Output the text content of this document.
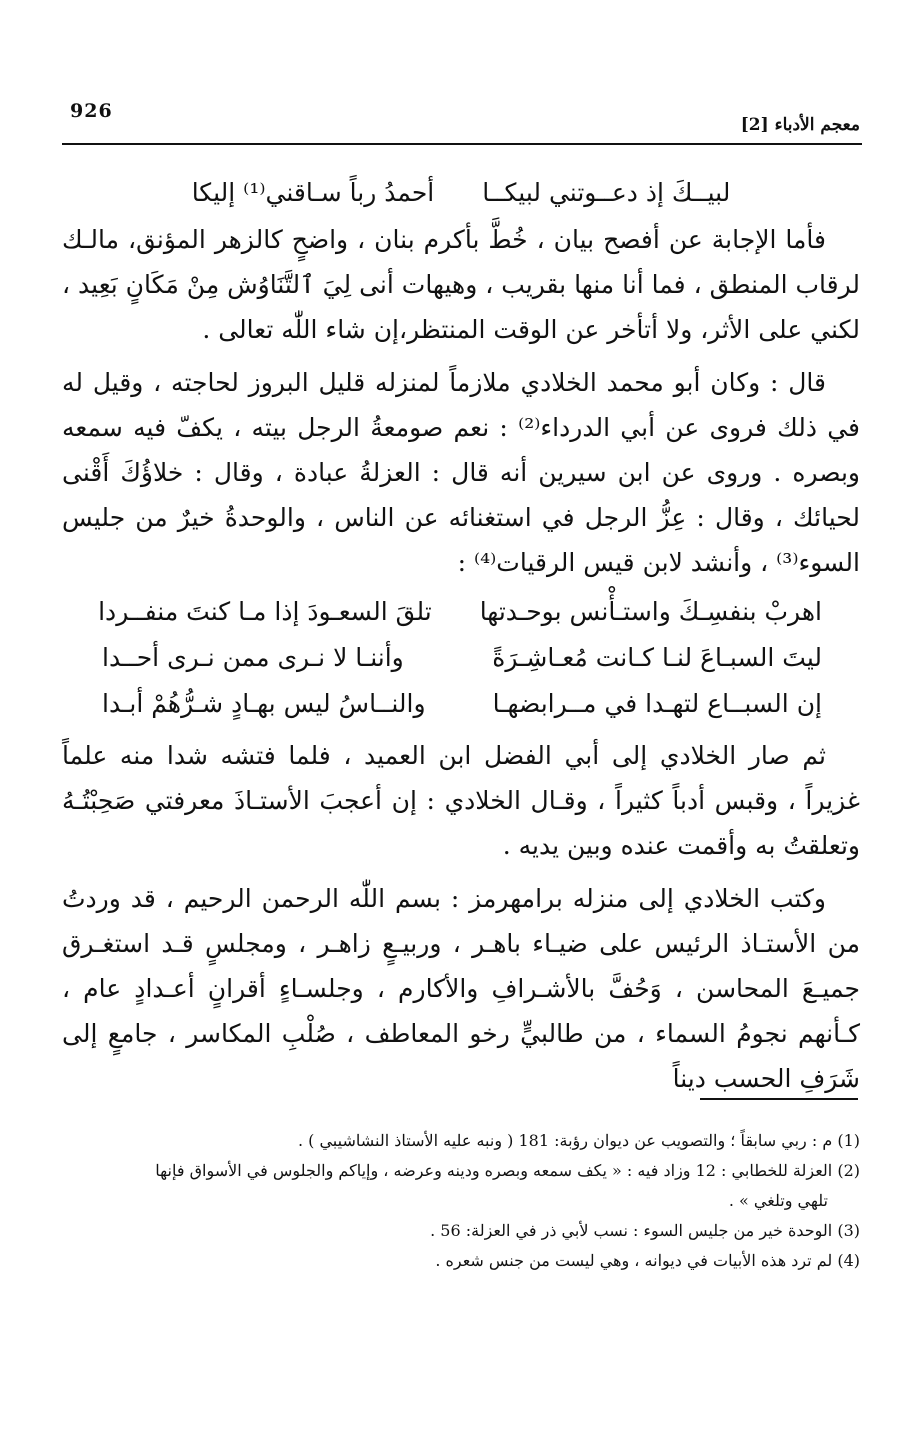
926
معجم الأدباء [2]
لبيــكَ إذ دعــوتني لبيكــا
أحمدُ رباً سـاقني⁽¹⁾ إليكا

فأما الإجابة عن أفصح بيان ، خُطَّ بأكرم بنان ، واضحٍ كالزهر المؤنق، مالـك لرقاب المنطق ، فما أنا منها بقريب ، وهيهات أنى لِيَ ٱلتَّنَاوُش مِنْ مَكَانٍ بَعِيد ، لكني على الأثر، ولا أتأخر عن الوقت المنتظر،إن شاء اللّٰه تعالى .

قال : وكان أبو محمد الخلادي ملازماً لمنزله قليل البروز لحاجته ، وقيل له في ذلك فروى عن أبي الدرداء⁽²⁾ : نعم صومعةُ الرجل بيته ، يكفّ فيه سمعه وبصره . وروى عن ابن سيرين أنه قال : العزلةُ عبادة ، وقال : خلاؤُكَ أَقْنى لحيائك ، وقال : عِزُّ الرجل في استغنائه عن الناس ، والوحدةُ خيرٌ من جليس السوء⁽³⁾ ، وأنشد لابن قيس الرقيات⁽⁴⁾ :

اهربْ بنفسِـكَ واستـأْنس بوحـدتها
تلقَ السعـودَ إذا مـا كنتَ منفــردا
ليتَ السبـاعَ لنـا كـانت مُعـاشِـرَةً
وأننـا لا نـرى ممن نـرى أحــدا
إن السبــاع لتهـدا في مــرابضهـا
والنــاسُ ليس بهـادٍ شـرُّهُمْ أبـدا

ثم صار الخلادي إلى أبي الفضل ابن العميد ، فلما فتشه شدا منه علماً غزيراً ، وقبس أدباً كثيراً ، وقـال الخلادي : إن أعجبَ الأستـاذَ معرفتي صَحِبْتُـهُ وتعلقتُ به وأقمت عنده وبين يديه .

وكتب الخلادي إلى منزله برامهرمز : بسم اللّٰه الرحمن الرحيم ، قد وردتُ من الأستـاذ الرئيس على ضيـاء باهـر ، وربيـعٍ زاهـر ، ومجلسٍ قـد استغـرق جميـعَ المحاسن ، وَحُفَّ بالأشـرافِ والأكارم ، وجلسـاءٍ أقرانٍ أعـدادٍ عام ، كـأنهم نجومُ السماء ، من طالبيٍّ رخو المعاطف ، صُلْبِ المكاسر ، جامعٍ إلى شَرَفِ الحسب ديناً

(1) م : ربي سابقاً ؛ والتصويب عن ديوان رؤبة: 181 ( ونبه عليه الأستاذ النشاشيبي ) .

(2) العزلة للخطابي : 12 وزاد فيه : « يكف سمعه وبصره ودينه وعرضه ، وإياكم والجلوس في الأسواق فإنها

تلهي وتلغي » .

(3) الوحدة خير من جليس السوء : نسب لأبي ذر في العزلة: 56 .

(4) لم ترد هذه الأبيات في ديوانه ، وهي ليست من جنس شعره .
